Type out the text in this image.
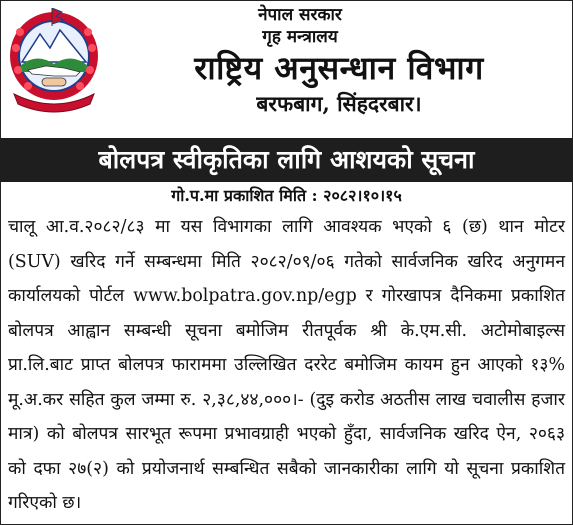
नेपाल सरकार
गृह मन्त्रालय
राष्ट्रिय अनुसन्धान विभाग
बरफबाग, सिंहदरबार।
बोलपत्र स्वीकृतिका लागि आशयको सूचना
गो.प.मा प्रकाशित मिति : २०८२।१०।१५
चालू आ.व.२०८२/८३ मा यस विभागका लागि आवश्यक भएको ६ (छ) थान मोटर (SUV) खरिद गर्ने सम्बन्धमा मिति २०८२/०९/०६ गतेको सार्वजनिक खरिद अनुगमन कार्यालयको पोर्टल www.bolpatra.gov.np/egp र गोरखापत्र दैनिकमा प्रकाशित बोलपत्र आह्वान सम्बन्धी सूचना बमोजिम रीतपूर्वक श्री के.एम.सी. अटोमोबाइल्स प्रा.लि.बाट प्राप्त बोलपत्र फाराममा उल्लिखित दररेट बमोजिम कायम हुन आएको १३% मू.अ.कर सहित कुल जम्मा रु. २,३८,४४,०००।- (दुइ करोड अठतीस लाख चवालीस हजार मात्र) को बोलपत्र सारभूत रूपमा प्रभावग्राही भएको हुँदा, सार्वजनिक खरिद ऐन, २०६३ को दफा २७(२) को प्रयोजनार्थ सम्बन्धित सबैको जानकारीका लागि यो सूचना प्रकाशित गरिएको छ।
